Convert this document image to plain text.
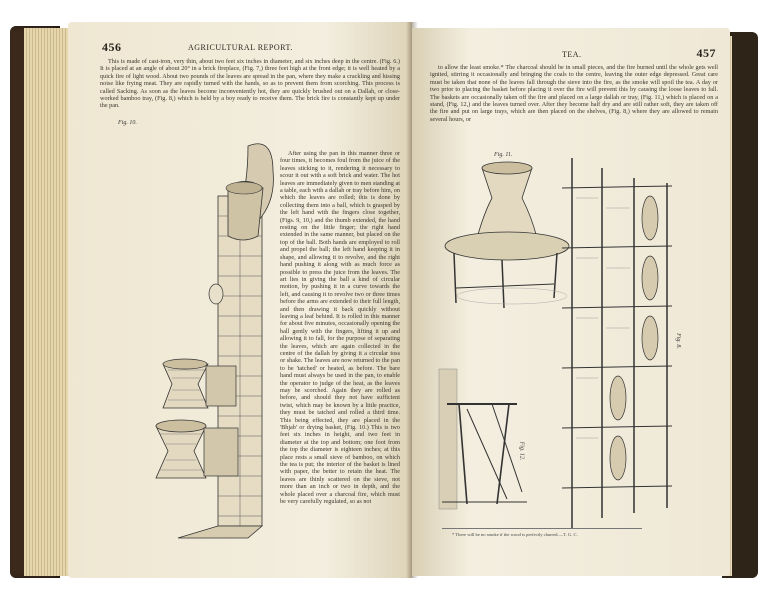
456	AGRICULTURAL REPORT.

This is made of cast-iron, very thin, about two feet six inches in diameter, and six inches deep in the centre. (Fig. 6.) It is placed at an angle of about 20° in a brick fireplace, (Fig. 7,) three feet high at the front edge; it is well heated by a quick fire of light wood. About two pounds of the leaves are spread in the pan, where they make a crackling and hissing noise like frying meat. They are rapidly turned with the hands, so as to prevent them from scorching. This process is called Sacking. As soon as the leaves become inconveniently hot, they are quickly brushed out on a Dallah, or close-worked bamboo tray, (Fig. 8,) which is held by a boy ready to receive them. The brick fire is constantly kept up under the pan.

Fig. 10.

After using the pan in this manner three or four times, it becomes foul from the juice of the leaves sticking to it, rendering it necessary to scour it out with a soft brick and water. The hot leaves are immediately given to men standing at a table, each with a dallah or tray before him, on which the leaves are rolled; this is done by collecting them into a ball, which is grasped by the left hand with the fingers close together, (Figs. 9, 10,) and the thumb extended, the hand resting on the little finger; the right hand extended in the same manner, but placed on the top of the ball. Both hands are employed to roll and propel the ball; the left hand keeping it in shape, and allowing it to revolve, and the right hand pushing it along with as much force as possible to press the juice from the leaves. The art lies in giving the ball a kind of circular motion, by pushing it in a curve towards the left, and causing it to revolve two or three times before the arms are extended to their full length, and then drawing it back quickly without leaving a leaf behind. It is rolled in this manner for about five minutes, occasionally opening the ball gently with the fingers, lifting it up and allowing it to fall, for the purpose of separating the leaves, which are again collected in the centre of the dallah by giving it a circular toss or shake. The leaves are now returned to the pan to be 'tatched' or heated, as before. The bare hand must always be used in the pan, to enable the operator to judge of the heat, as the leaves may be scorched. Again they are rolled as before, and should they not have sufficient twist, which may be known by a little practice, they must be tatched and rolled a third time. This being effected, they are placed in the 'Bhjab' or drying basket, (Fig. 10.) This is two feet six inches in height, and two feet in diameter at the top and bottom; one foot from the top the diameter is eighteen inches; at this place rests a small sieve of bamboo, on which the tea is put; the interior of the basket is lined with paper, the better to retain the heat. The leaves are thinly scattered on the sieve, not more than an inch or two in depth, and the whole placed over a charcoal fire, which must be very carefully regulated, so as not

TEA.	457

to allow the least smoke.* The charcoal should be in small pieces, and the fire burned until the whole gets well ignited, stirring it occasionally and bringing the coals to the centre, leaving the outer edge depressed. Great care must be taken that none of the leaves fall through the sieve into the fire, as the smoke will spoil the tea. A day or two prior to placing the basket before placing it over the fire will prevent this by causing the loose leaves to fall. The baskets are occasionally taken off the fire and placed on a large dallah or tray, (Fig. 11,) which is placed on a stand, (Fig. 12,) and the leaves turned over. After they become half dry and are still rather soft, they are taken off the fire and put on large trays, which are then placed on the shelves, (Fig. 8,) where they are allowed to remain several hours, or

Fig. 11.
Fig. 12.
Fig. 8.
* There will be no smoke if the wood is perfectly charred.—T. G. C.
